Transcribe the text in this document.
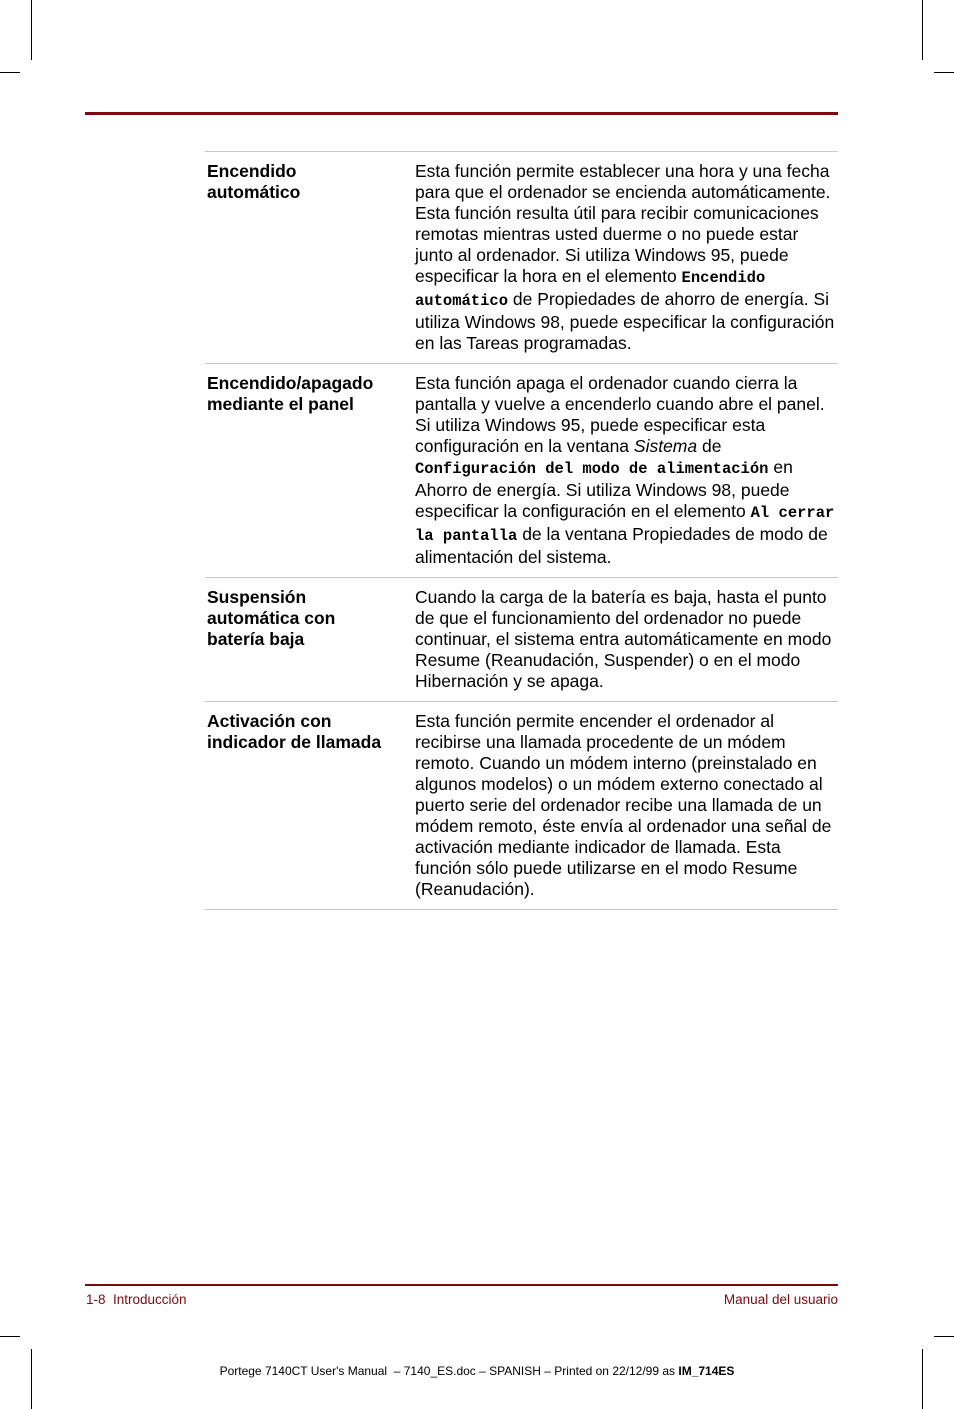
Encendido
automático
Esta función permite establecer una hora y una fecha para que el ordenador se encienda automáticamente. Esta función resulta útil para recibir comunicaciones remotas mientras usted duerme o no puede estar junto al ordenador. Si utiliza Windows 95, puede especificar la hora en el elemento Encendido automático de Propiedades de ahorro de energía. Si utiliza Windows 98, puede especificar la configuración en las Tareas programadas.
Encendido/apagado
mediante el panel
Esta función apaga el ordenador cuando cierra la pantalla y vuelve a encenderlo cuando abre el panel. Si utiliza Windows 95, puede especificar esta configuración en la ventana Sistema de Configuración del modo de alimentación en Ahorro de energía. Si utiliza Windows 98, puede especificar la configuración en el elemento Al cerrar la pantalla de la ventana Propiedades de modo de alimentación del sistema.
Suspensión
automática con
batería baja
Cuando la carga de la batería es baja, hasta el punto de que el funcionamiento del ordenador no puede continuar, el sistema entra automáticamente en modo Resume (Reanudación, Suspender) o en el modo Hibernación y se apaga.
Activación con
indicador de llamada
Esta función permite encender el ordenador al recibirse una llamada procedente de un módem remoto. Cuando un módem interno (preinstalado en algunos modelos) o un módem externo conectado al puerto serie del ordenador recibe una llamada de un módem remoto, éste envía al ordenador una señal de activación mediante indicador de llamada. Esta función sólo puede utilizarse en el modo Resume (Reanudación).
1-8  Introducción	Manual del usuario
Portege 7140CT User's Manual  – 7140_ES.doc – SPANISH – Printed on 22/12/99 as IM_714ES
